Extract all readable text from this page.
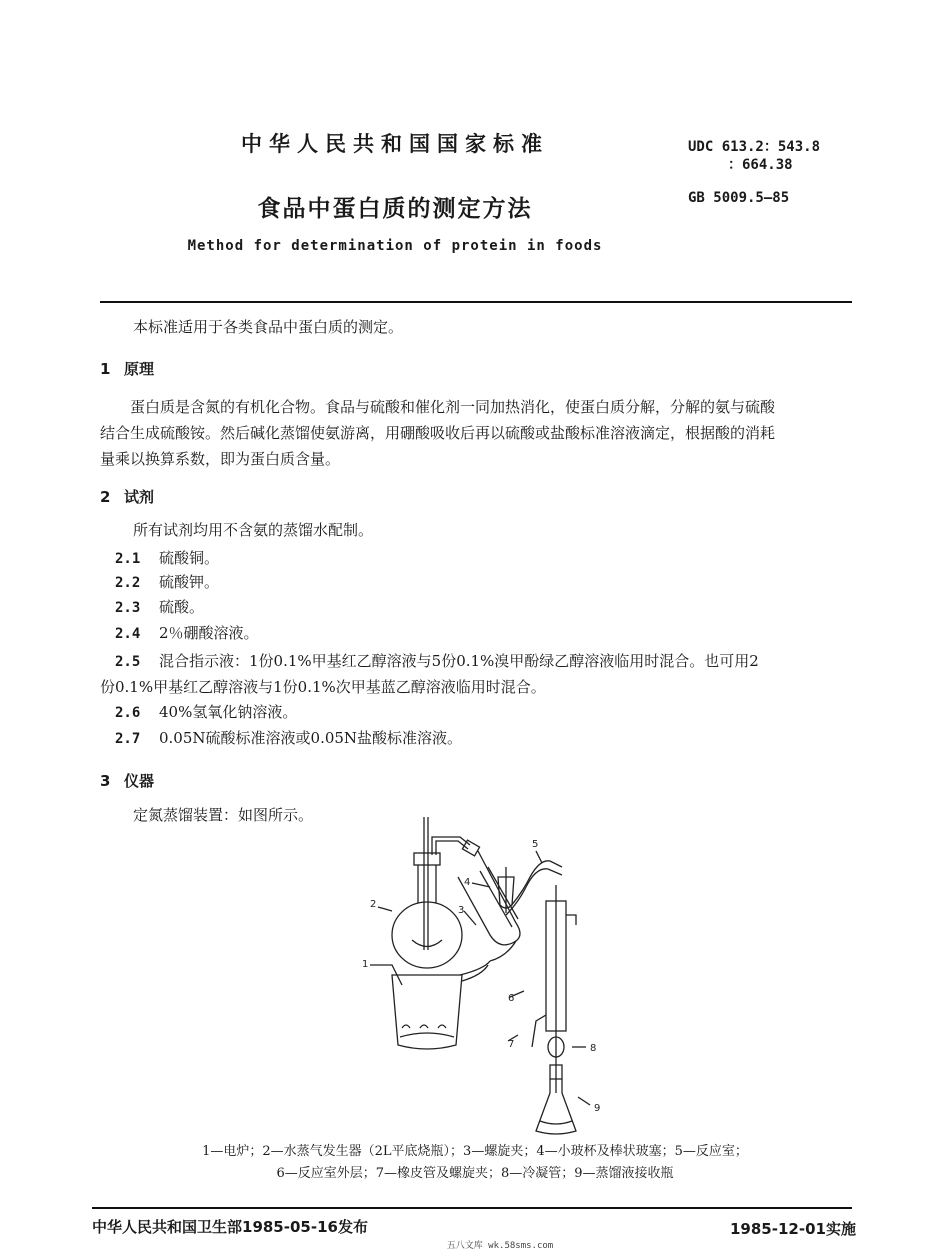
中华人民共和国国家标准
食品中蛋白质的测定方法
Method for determination of protein in foods
UDC 613.2：543.8
：664.38
GB 5009.5—85
本标准适用于各类食品中蛋白质的测定。
1 原理
蛋白质是含氮的有机化合物。食品与硫酸和催化剂一同加热消化，使蛋白质分解，分解的氨与硫酸
结合生成硫酸铵。然后碱化蒸馏使氨游离，用硼酸吸收后再以硫酸或盐酸标准溶液滴定，根据酸的消耗
量乘以换算系数，即为蛋白质含量。
2 试剂
所有试剂均用不含氨的蒸馏水配制。
2.1 硫酸铜。
2.2 硫酸钾。
2.3 硫酸。
2.4 2％硼酸溶液。
2.5 混合指示液：1份0.1%甲基红乙醇溶液与5份0.1%溴甲酚绿乙醇溶液临用时混合。也可用2
份0.1%甲基红乙醇溶液与1份0.1%次甲基蓝乙醇溶液临用时混合。
2.6 40%氢氧化钠溶液。
2.7 0.05N硫酸标准溶液或0.05N盐酸标准溶液。
3 仪器
定氮蒸馏装置：如图所示。
1
2
3
4
5
6
7	8
9
1—电炉；2—水蒸气发生器（2L平底烧瓶）；3—螺旋夹；4—小玻杯及棒状玻塞；5—反应室；
6—反应室外层；7—橡皮管及螺旋夹；8—冷凝管；9—蒸馏液接收瓶
中华人民共和国卫生部1985-05-16发布	1985-12-01实施
五八文库 wk.58sms.com
